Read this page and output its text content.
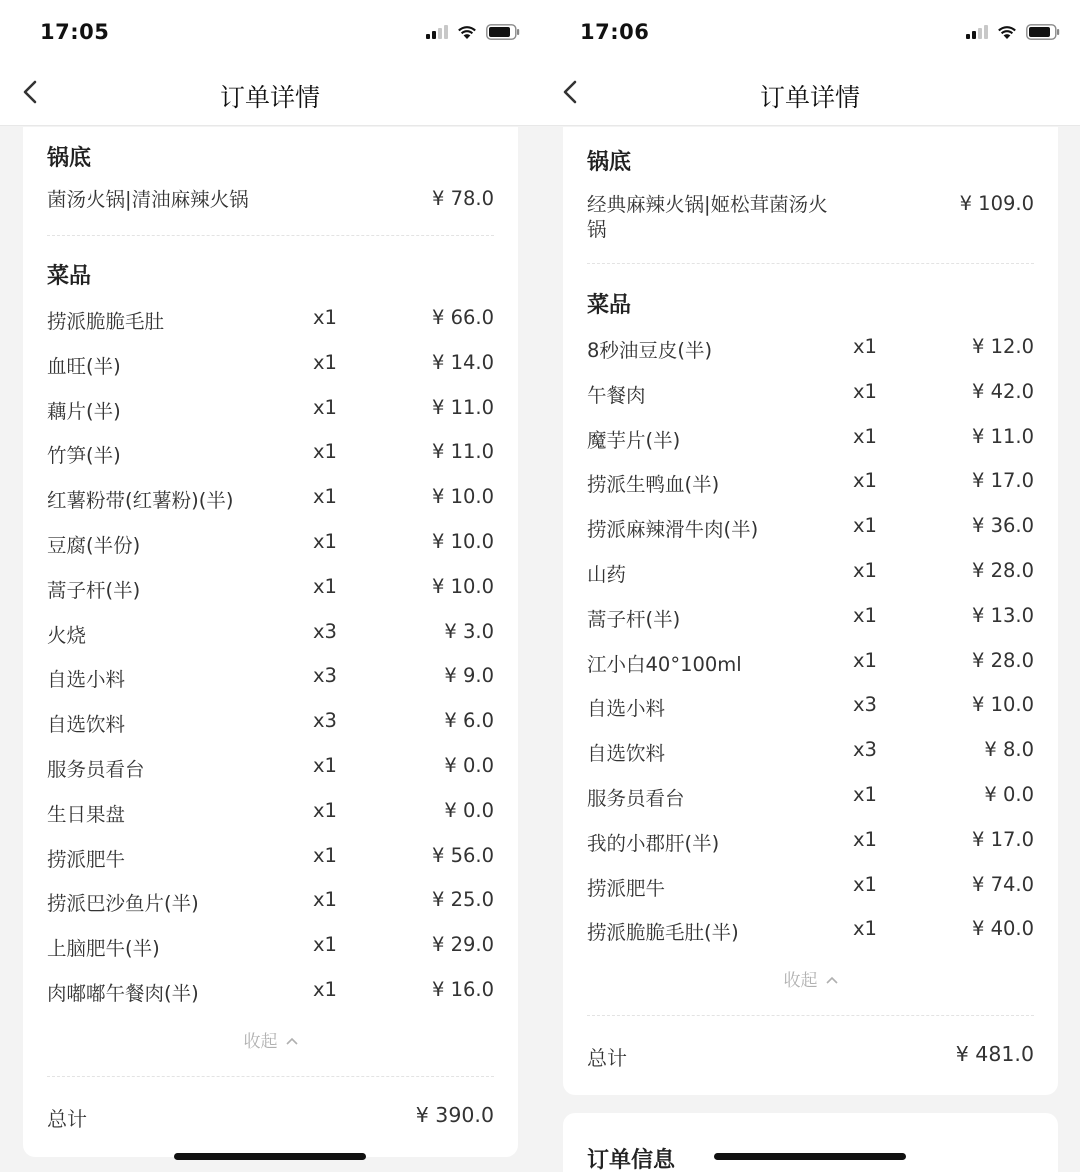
17:05
订单详情
锅底
菌汤火锅|清油麻辣火锅	¥ 78.0
菜品
捞派脆脆毛肚	x1	¥ 66.0
血旺(半)	x1	¥ 14.0
藕片(半)	x1	¥ 11.0
竹笋(半)	x1	¥ 11.0
红薯粉带(红薯粉)(半)	x1	¥ 10.0
豆腐(半份)	x1	¥ 10.0
蒿子杆(半)	x1	¥ 10.0
火烧	x3	¥ 3.0
自选小料	x3	¥ 9.0
自选饮料	x3	¥ 6.0
服务员看台	x1	¥ 0.0
生日果盘	x1	¥ 0.0
捞派肥牛	x1	¥ 56.0
捞派巴沙鱼片(半)	x1	¥ 25.0
上脑肥牛(半)	x1	¥ 29.0
肉嘟嘟午餐肉(半)	x1	¥ 16.0
收起
总计	¥ 390.0
17:06
订单详情
锅底
经典麻辣火锅|姬松茸菌汤火锅
¥ 109.0
菜品
8秒油豆皮(半)	x1	¥ 12.0
午餐肉	x1	¥ 42.0
魔芋片(半)	x1	¥ 11.0
捞派生鸭血(半)	x1	¥ 17.0
捞派麻辣滑牛肉(半)	x1	¥ 36.0
山药	x1	¥ 28.0
蒿子杆(半)	x1	¥ 13.0
江小白40°100ml	x1	¥ 28.0
自选小料	x3	¥ 10.0
自选饮料	x3	¥ 8.0
服务员看台	x1	¥ 0.0
我的小郡肝(半)	x1	¥ 17.0
捞派肥牛	x1	¥ 74.0
捞派脆脆毛肚(半)	x1	¥ 40.0
收起
总计	¥ 481.0
订单信息
